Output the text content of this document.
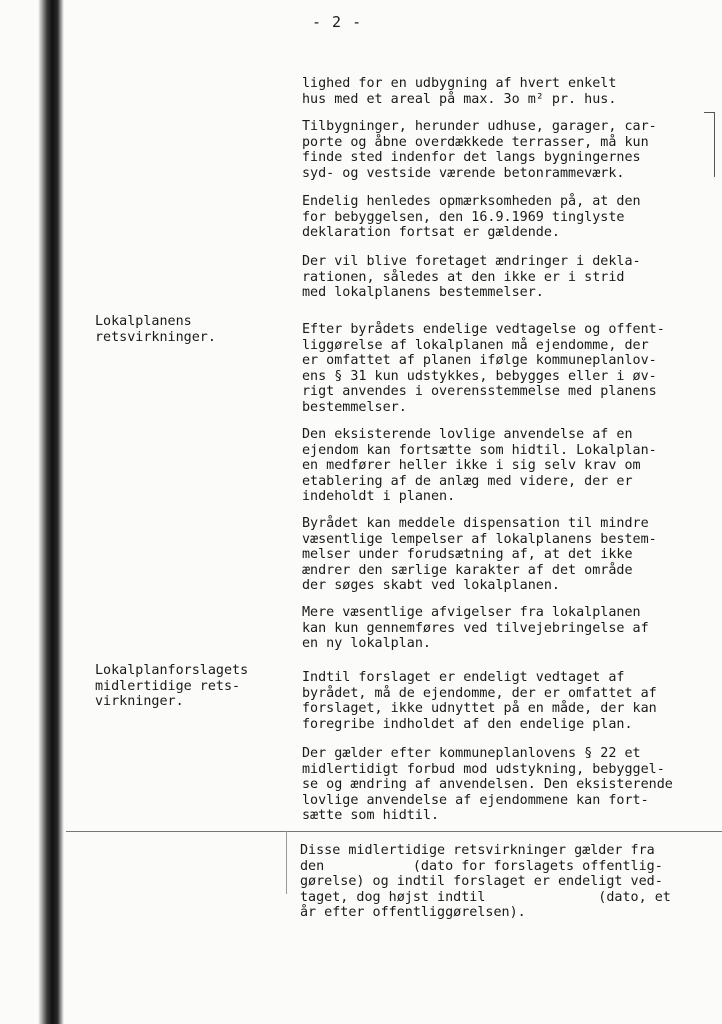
- 2 -

lighed for en udbygning af hvert enkelt
hus med et areal på max. 3o m² pr. hus.

Tilbygninger, herunder udhuse, garager, car-
porte og åbne overdækkede terrasser, må kun
finde sted indenfor det langs bygningernes
syd- og vestside værende betonrammeværk.

Endelig henledes opmærksomheden på, at den
for bebyggelsen, den 16.9.1969 tinglyste
deklaration fortsat er gældende.

Der vil blive foretaget ændringer i dekla-
rationen, således at den ikke er i strid
med lokalplanens bestemmelser.

Lokalplanens
retsvirkninger.	Efter byrådets endelige vedtagelse og offent-
liggørelse af lokalplanen må ejendomme, der
er omfattet af planen ifølge kommuneplanlov-
ens § 31 kun udstykkes, bebygges eller i øv-
rigt anvendes i overensstemmelse med planens
bestemmelser.

Den eksisterende lovlige anvendelse af en
ejendom kan fortsætte som hidtil. Lokalplan-
en medfører heller ikke i sig selv krav om
etablering af de anlæg med videre, der er
indeholdt i planen.

Byrådet kan meddele dispensation til mindre
væsentlige lempelser af lokalplanens bestem-
melser under forudsætning af, at det ikke
ændrer den særlige karakter af det område
der søges skabt ved lokalplanen.

Mere væsentlige afvigelser fra lokalplanen
kan kun gennemføres ved tilvejebringelse af
en ny lokalplan.

Lokalplanforslagets
midlertidige rets-
virkninger.

Indtil forslaget er endeligt vedtaget af
byrådet, må de ejendomme, der er omfattet af
forslaget, ikke udnyttet på en måde, der kan
foregribe indholdet af den endelige plan.

Der gælder efter kommuneplanlovens § 22 et
midlertidigt forbud mod udstykning, bebyggel-
se og ændring af anvendelsen. Den eksisterende
lovlige anvendelse af ejendommene kan fort-
sætte som hidtil.

Disse midlertidige retsvirkninger gælder fra
den           (dato for forslagets offentlig-
gørelse) og indtil forslaget er endeligt ved-
taget, dog højst indtil              (dato, et
år efter offentliggørelsen).
